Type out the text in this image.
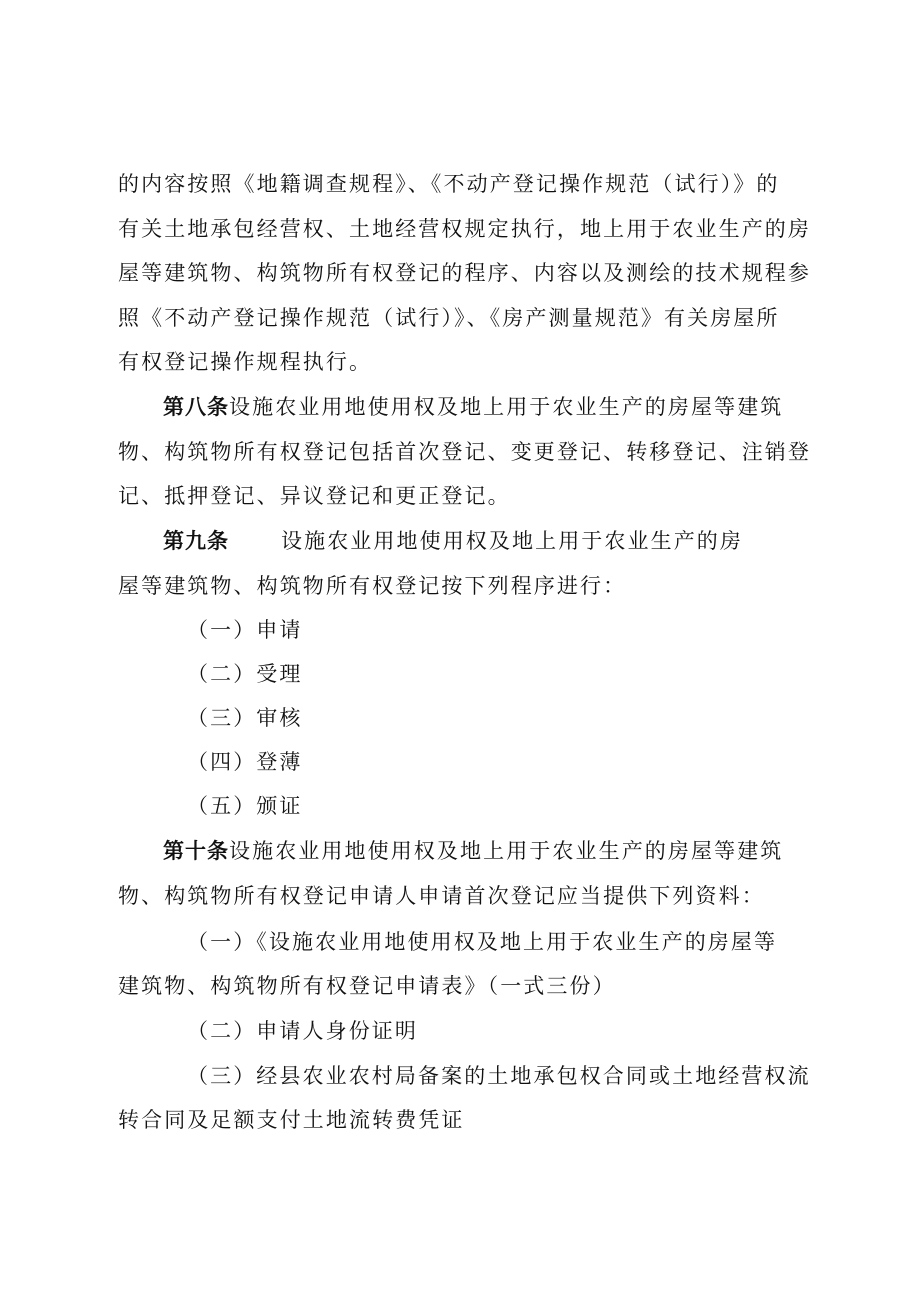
的内容按照《地籍调查规程》、《不动产登记操作规范（试行）》的
有关土地承包经营权、土地经营权规定执行，地上用于农业生产的房
屋等建筑物、构筑物所有权登记的程序、内容以及测绘的技术规程参
照《不动产登记操作规范（试行）》、《房产测量规范》有关房屋所
有权登记操作规程执行。
第八条设施农业用地使用权及地上用于农业生产的房屋等建筑
物、构筑物所有权登记包括首次登记、变更登记、转移登记、注销登
记、抵押登记、异议登记和更正登记。
第九条 设施农业用地使用权及地上用于农业生产的房
屋等建筑物、构筑物所有权登记按下列程序进行：
（一）申请
（二）受理
（三）审核
（四）登薄
（五）颁证
第十条设施农业用地使用权及地上用于农业生产的房屋等建筑
物、构筑物所有权登记申请人申请首次登记应当提供下列资料：
（一）《设施农业用地使用权及地上用于农业生产的房屋等
建筑物、构筑物所有权登记申请表》（一式三份）
（二）申请人身份证明
（三）经县农业农村局备案的土地承包权合同或土地经营权流
转合同及足额支付土地流转费凭证
